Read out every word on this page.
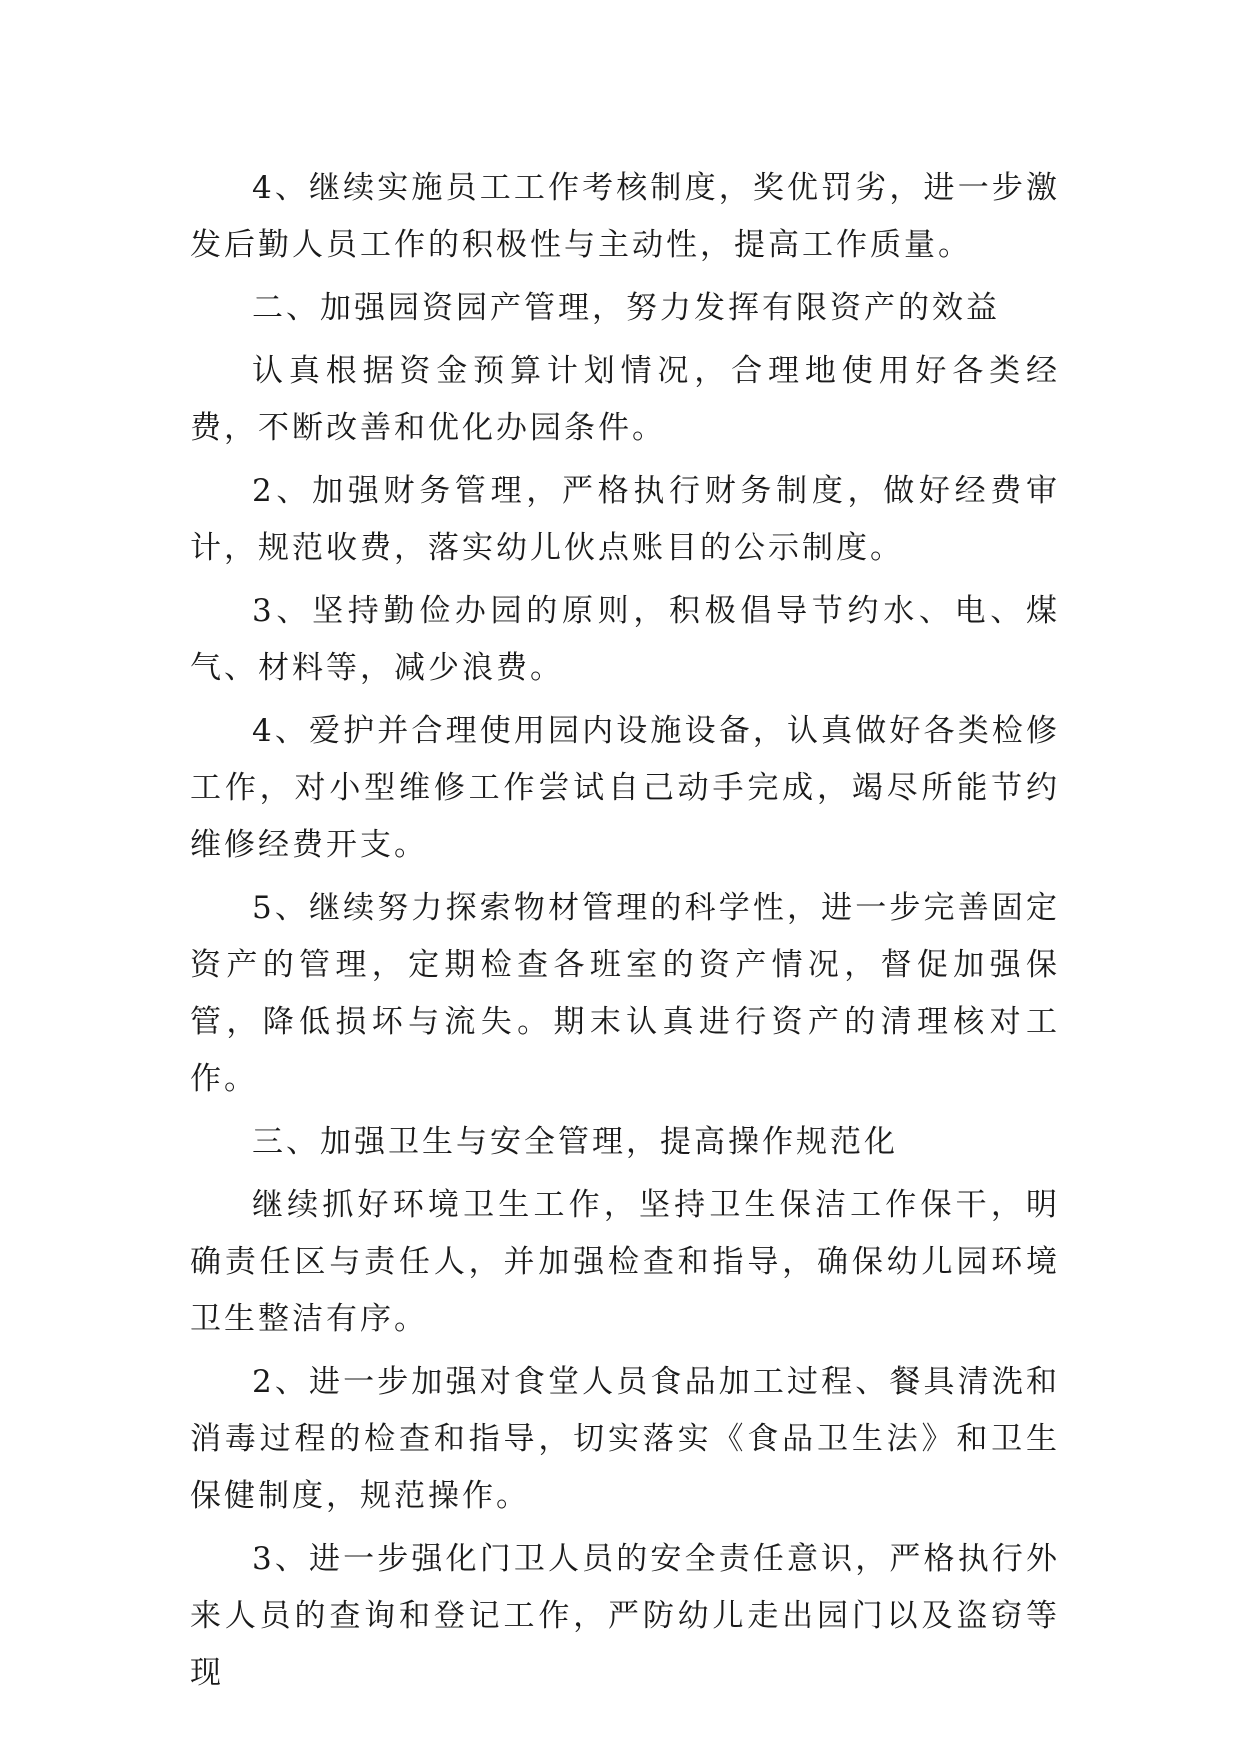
4、继续实施员工工作考核制度，奖优罚劣，进一步激发后勤人员工作的积极性与主动性，提高工作质量。

二、加强园资园产管理，努力发挥有限资产的效益

认真根据资金预算计划情况，合理地使用好各类经费，不断改善和优化办园条件。

2、加强财务管理，严格执行财务制度，做好经费审计，规范收费，落实幼儿伙点账目的公示制度。

3、坚持勤俭办园的原则，积极倡导节约水、电、煤气、材料等，减少浪费。

4、爱护并合理使用园内设施设备，认真做好各类检修工作，对小型维修工作尝试自己动手完成，竭尽所能节约维修经费开支。

5、继续努力探索物材管理的科学性，进一步完善固定资产的管理，定期检查各班室的资产情况，督促加强保管，降低损坏与流失。期末认真进行资产的清理核对工作。

三、加强卫生与安全管理，提高操作规范化

继续抓好环境卫生工作，坚持卫生保洁工作保干，明确责任区与责任人，并加强检查和指导，确保幼儿园环境卫生整洁有序。

2、进一步加强对食堂人员食品加工过程、餐具清洗和消毒过程的检查和指导，切实落实《食品卫生法》和卫生保健制度，规范操作。

3、进一步强化门卫人员的安全责任意识，严格执行外来人员的查询和登记工作，严防幼儿走出园门以及盗窃等现
